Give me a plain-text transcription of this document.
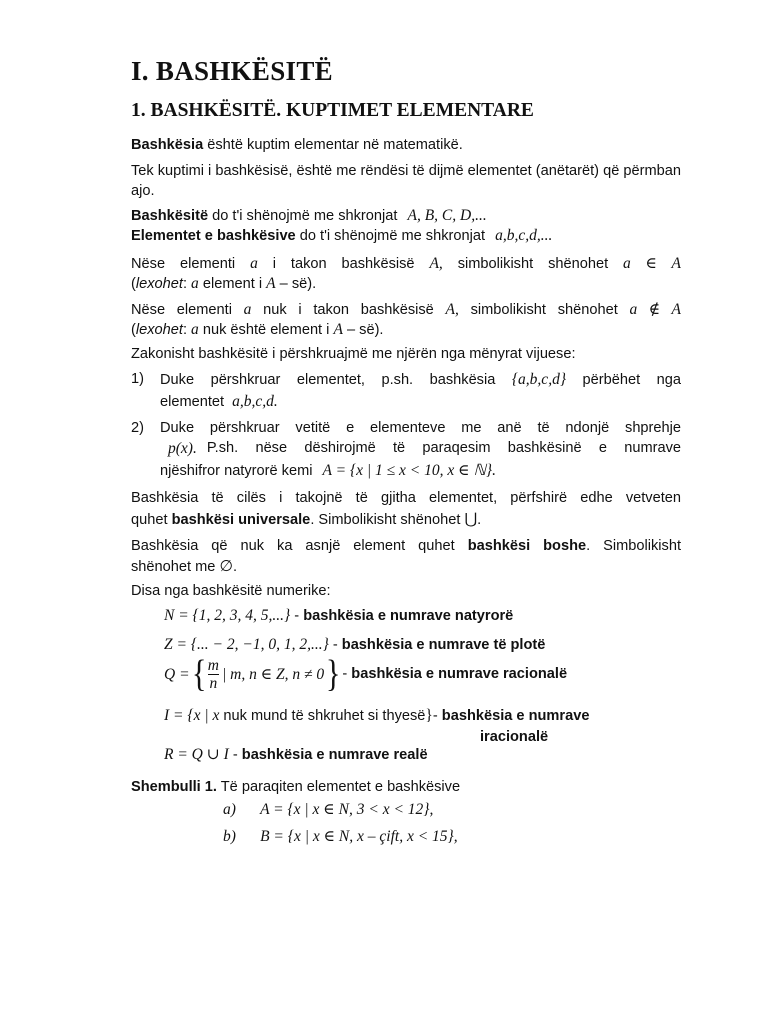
I. BASHKËSITË
1. BASHKËSITË. KUPTIMET ELEMENTARE
Bashkësia është kuptim elementar në matematikë.
Tek kuptimi i bashkësisë, është me rëndësi të dijmë elementet (anëtarët) që përmban ajo.
Bashkësitë do t'i shënojmë me shkronjat A, B, C, D,...
Elementet e bashkësive do t'i shënojmë me shkronjat a,b,c,d,...
Nëse elementi a i takon bashkësisë A, simbolikisht shënohet a ∈ A
(lexohet: a element i A – së).
Nëse elementi a nuk i takon bashkësisë A, simbolikisht shënohet a ∉ A
(lexohet: a nuk është element i A – së).
Zakonisht bashkësitë i përshkruajmë me njërën nga mënyrat vijuese:
1)	Duke përshkruar elementet, p.sh. bashkësia {a,b,c,d} përbëhet nga
elementet a,b,c,d.
2)	Duke përshkruar vetitë e elementeve me anë të ndonjë shprehje
p(x). P.sh. nëse dëshirojmë të paraqesim bashkësinë e numrave
njëshifror natyrorë kemi A = {x | 1 ≤ x < 10, x ∈ ℕ}.
Bashkësia të cilës i takojnë të gjitha elementet, përfshirë edhe vetveten
quhet bashkësi universale. Simbolikisht shënohet ⋃.
Bashkësia që nuk ka asnjë element quhet bashkësi boshe. Simbolikisht
shënohet me ∅.
Disa nga bashkësitë numerike:
N = {1, 2, 3, 4, 5,...} - bashkësia e numrave natyrorë
Z = {... − 2, −1, 0, 1, 2,...} - bashkësia e numrave të plotë
Q = { $\frac{m}{n}$ | m, n ∈ Z, n ≠ 0 } - bashkësia e numrave racionalë
I = {x | x nuk mund të shkruhet si thyesë}- bashkësia e numrave
iracionalë
R = Q ∪ I - bashkësia e numrave realë
Shembulli 1. Të paraqiten elementet e bashkësive
a) A = {x | x ∈ N, 3 < x < 12},
b) B = {x | x ∈ N, x – çift, x < 15},
